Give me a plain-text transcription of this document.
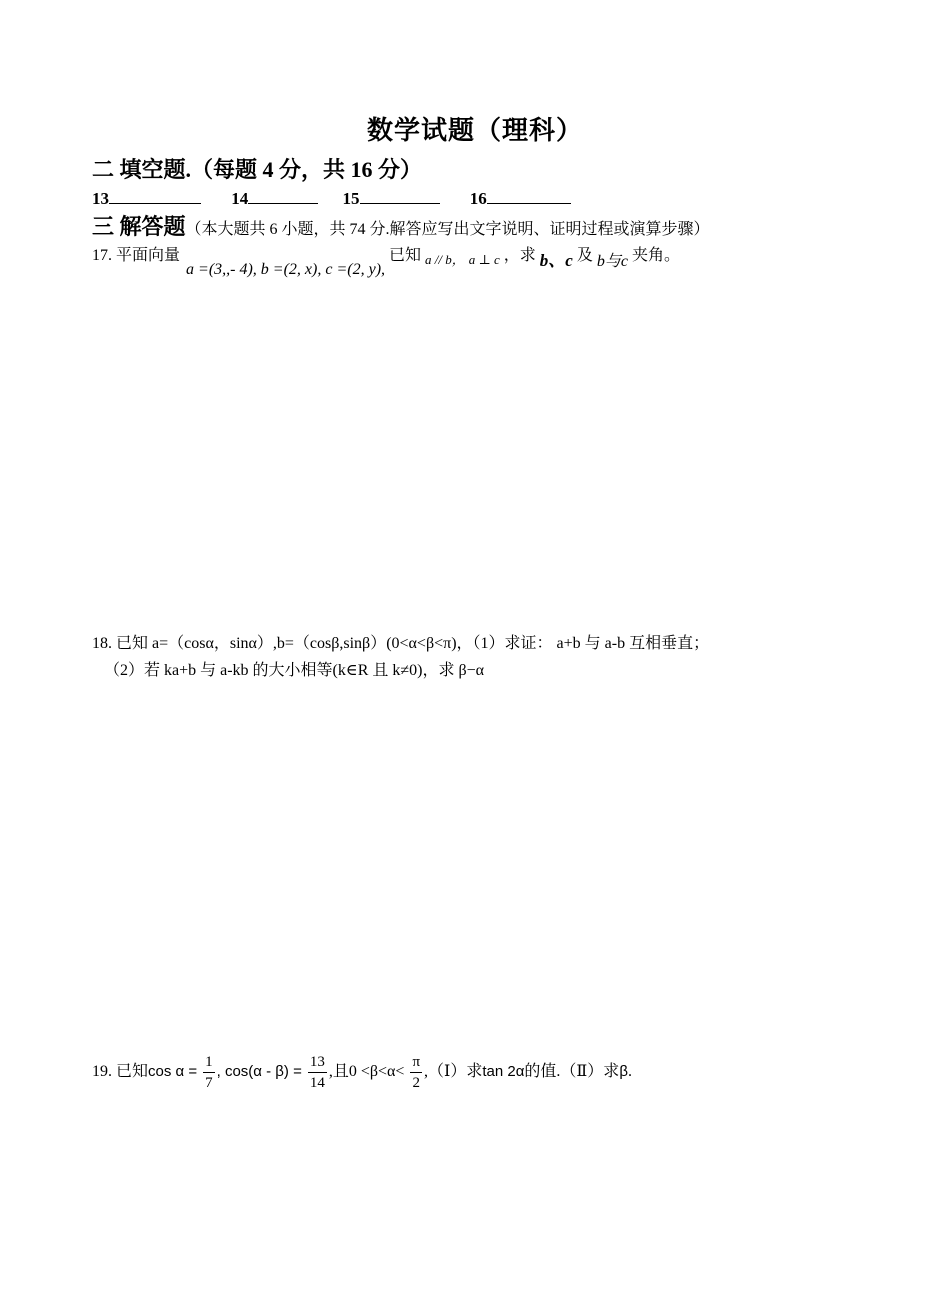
数学试题（理科）
二 填空题.（每题 4 分，共 16 分）
13	14	15	16
三 解答题（本大题共 6 小题，共 74 分.解答应写出文字说明、证明过程或演算步骤）
17. 平面向量 a =(3,,- 4), b =(2, x), c =(2, y), 已知 $_{a // b,}$ $_{a \perp c}$ ，求 b、c 及 b与c 夹角。
18. 已知 a=（cosα，sinα）,b=（cosβ,sinβ）(0<α<β<π)，（1）求证： a+b 与 a-b 互相垂直；
（2）若 ka+b 与 a-kb 的大小相等(k∈R 且 k≠0)，求 β−α
19. 已知$\cos \alpha = \frac{1}{7}$ , $\cos(\alpha - \beta) = \frac{13}{14}$ ,且$0 <\beta<\alpha< \frac{\pi}{2}$ ,（Ⅰ）求tan 2α的值.（Ⅱ）求β.
